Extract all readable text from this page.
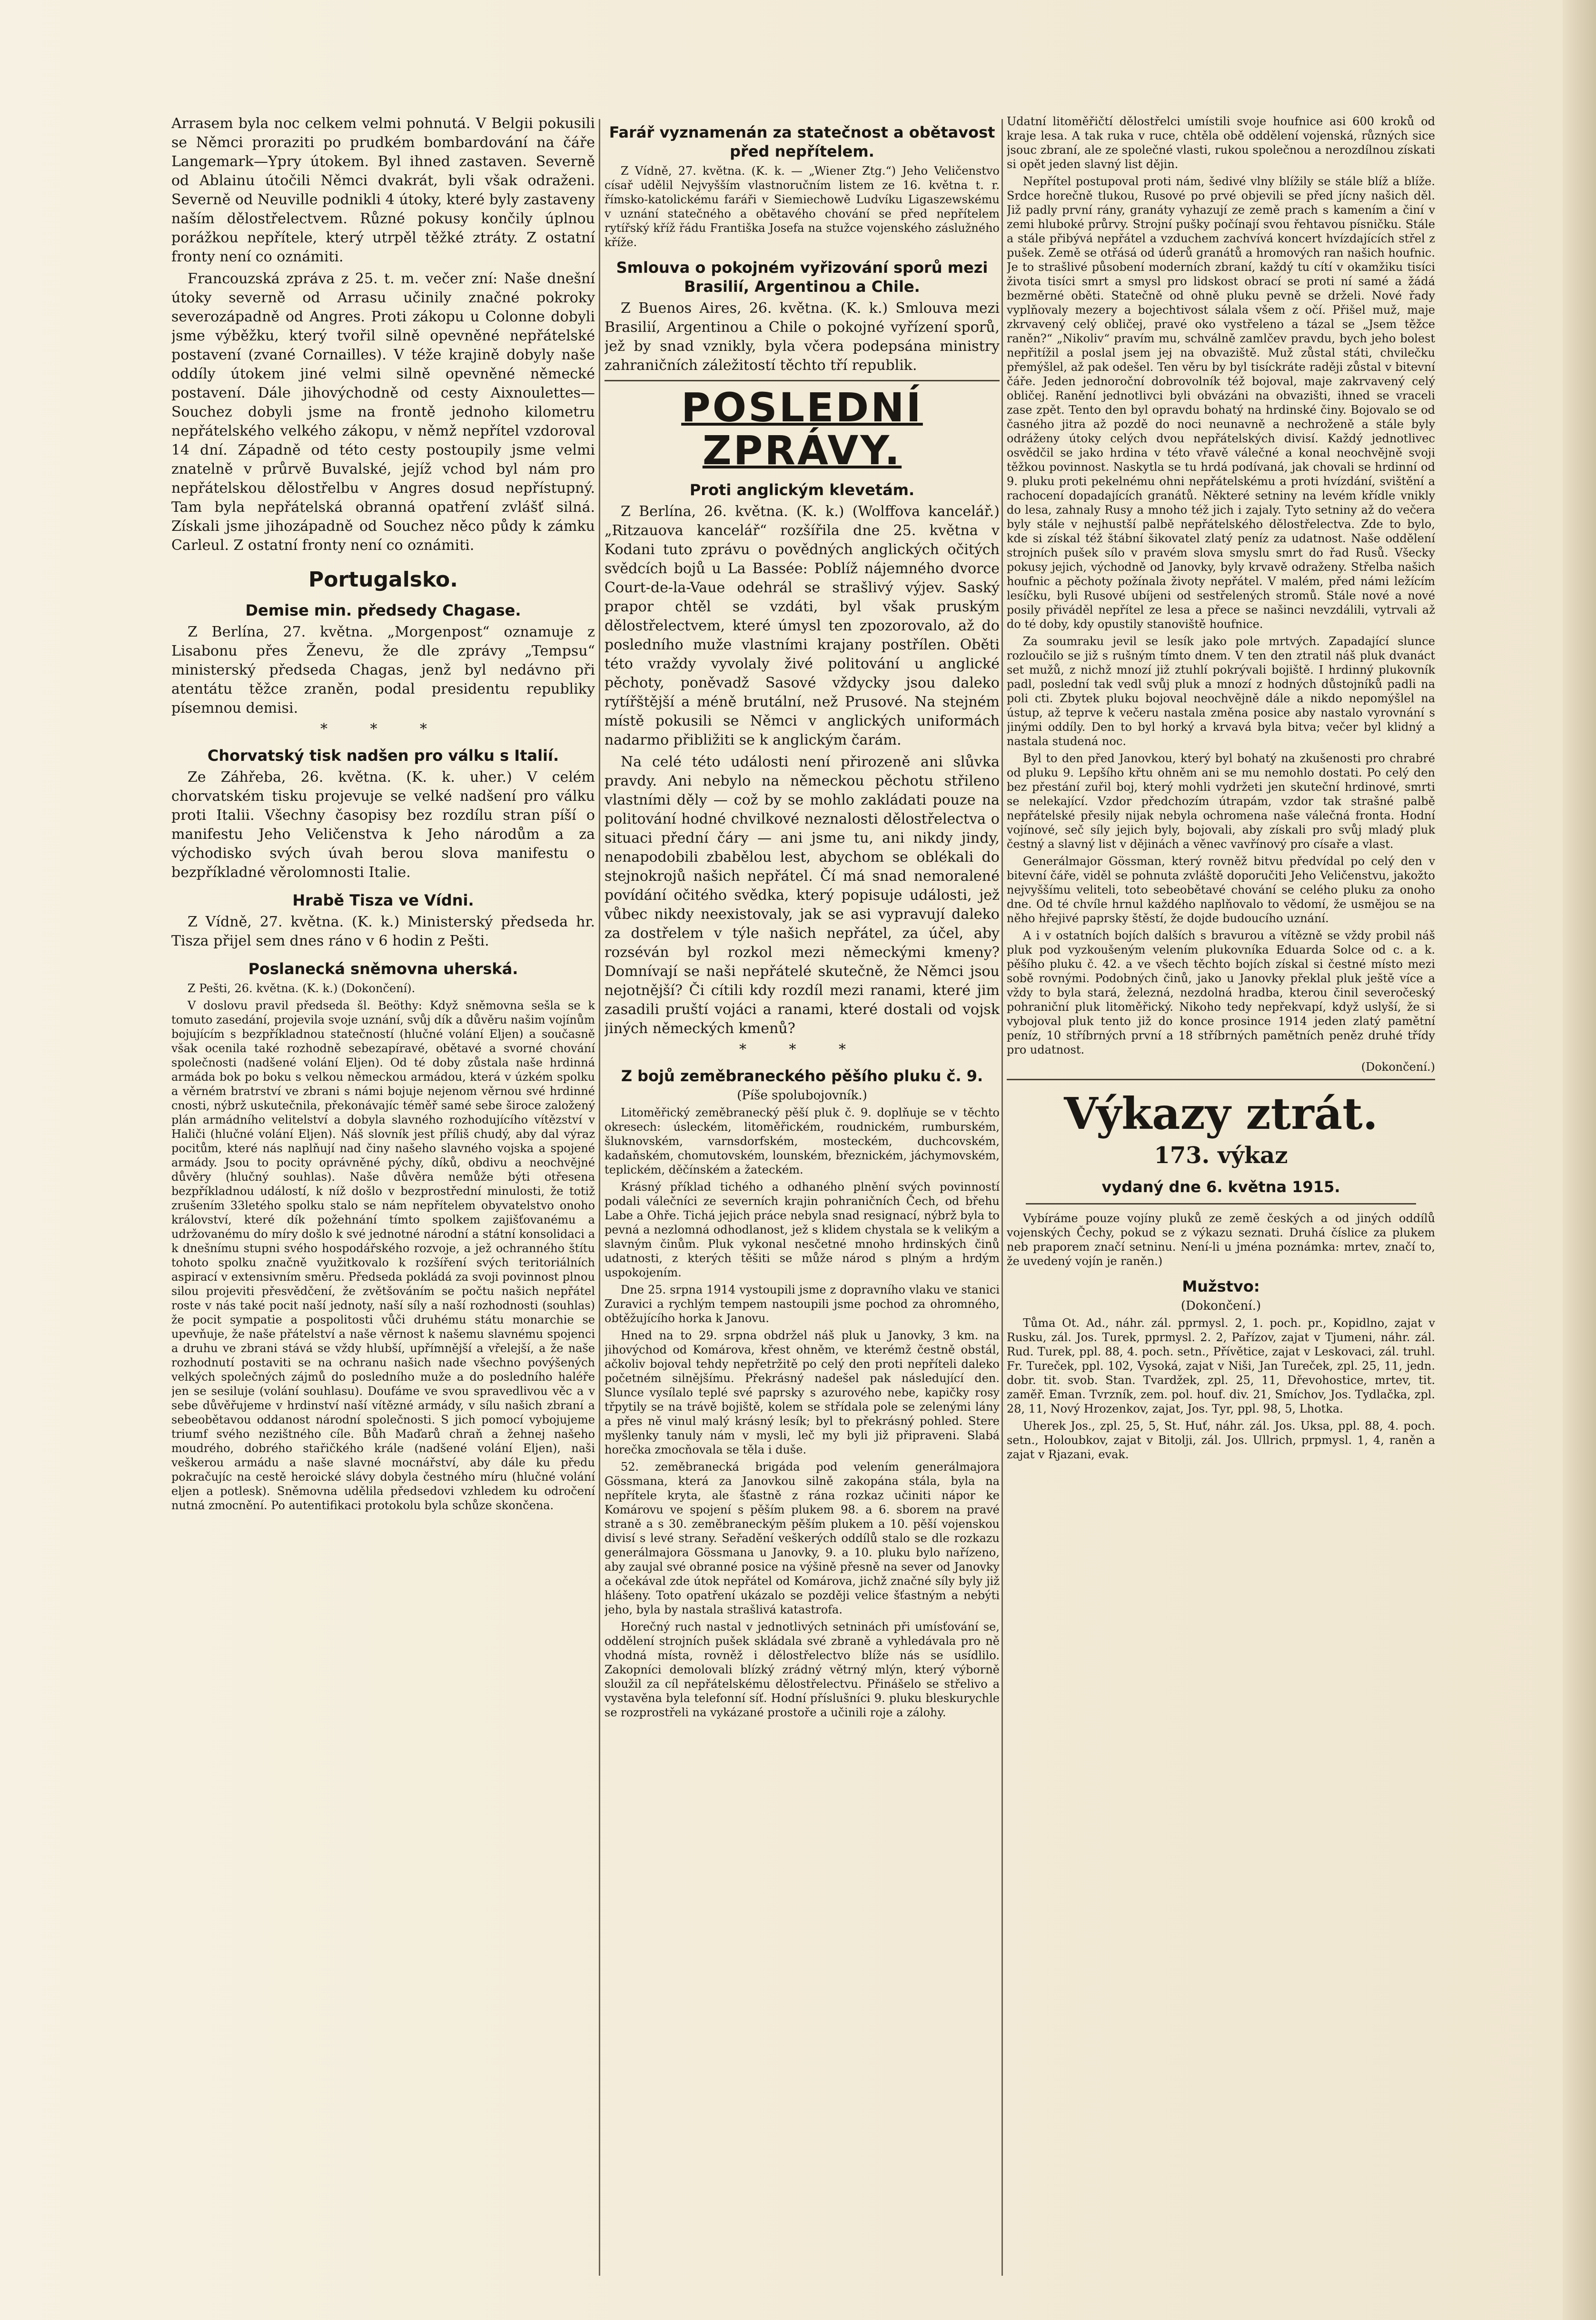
Arrasem byla noc celkem velmi pohnutá. V Belgii pokusili se Němci proraziti po prudkém bombardování na čáře Langemark—Ypry útokem. Byl ihned zastaven. Severně od Ablainu útočili Němci dvakrát, byli však odraženi. Severně od Neuville podnikli 4 útoky, které byly zastaveny naším dělostřelectvem. Různé pokusy končily úplnou porážkou nepřítele, který utrpěl těžké ztráty. Z ostatní fronty není co oznámiti.

Francouzská zpráva z 25. t. m. večer zní: Naše dnešní útoky severně od Arrasu učinily značné pokroky severozápadně od Angres. Proti zákopu u Colonne dobyli jsme výběžku, který tvořil silně opevněné nepřátelské postavení (zvané Cornailles). V téže krajině dobyly naše oddíly útokem jiné velmi silně opevněné německé postavení. Dále jihovýchodně od cesty Aixnoulettes—Souchez dobyli jsme na frontě jednoho kilometru nepřátelského velkého zákopu, v němž nepřítel vzdoroval 14 dní. Západně od této cesty postoupily jsme velmi znatelně v průrvě Buvalské, jejíž vchod byl nám pro nepřátelskou dělostřelbu v Angres dosud nepřístupný. Tam byla nepřátelská obranná opatření zvlášť silná. Získali jsme jihozápadně od Souchez něco půdy k zámku Carleul. Z ostatní fronty není co oznámiti.

Portugalsko.
Demise min. předsedy Chagase.

Z Berlína, 27. května. „Morgenpost“ oznamuje z Lisabonu přes Ženevu, že dle zprávy „Tempsu“ ministerský předseda Chagas, jenž byl nedávno při atentátu těžce zraněn, podal presidentu republiky písemnou demisi.

* * *
Chorvatský tisk nadšen pro válku s Italií.

Ze Záhřeba, 26. května. (K. k. uher.) V celém chorvatském tisku projevuje se velké nadšení pro válku proti Italii. Všechny časopisy bez rozdílu stran píší o manifestu Jeho Veličenstva k Jeho národům a za východisko svých úvah berou slova manifestu o bezpříkladné věrolomnosti Italie.

Hrabě Tisza ve Vídni.

Z Vídně, 27. května. (K. k.) Ministerský předseda hr. Tisza přijel sem dnes ráno v 6 hodin z Pešti.

Poslanecká sněmovna uherská.

Z Pešti, 26. května. (K. k.) (Dokončení).

V doslovu pravil předseda šl. Beöthy: Když sněmovna sešla se k tomuto zasedání, projevila svoje uznání, svůj dík a důvěru našim vojínům bojujícím s bezpříkladnou statečností (hlučné volání Eljen) a současně však ocenila také rozhodně sebezapíravé, obětavé a svorné chování společnosti (nadšené volání Eljen). Od té doby zůstala naše hrdinná armáda bok po boku s velkou německou armádou, která v úzkém spolku a věrném bratrství ve zbrani s námi bojuje nejenom věrnou své hrdinné cnosti, nýbrž uskutečnila, překonávajíc téměř samé sebe široce založený plán armádního velitelství a dobyla slavného rozhodujícího vítězství v Haliči (hlučné volání Eljen). Náš slovník jest příliš chudý, aby dal výraz pocitům, které nás naplňují nad činy našeho slavného vojska a spojené armády. Jsou to pocity oprávněné pýchy, díků, obdivu a neochvějné důvěry (hlučný souhlas). Naše důvěra nemůže býti otřesena bezpříkladnou událostí, k níž došlo v bezprostřední minulosti, že totiž zrušením 33letého spolku stalo se nám nepřítelem obyvatelstvo onoho království, které dík požehnání tímto spolkem zajišťovanému a udržovanému do míry došlo k své jednotné národní a státní konsolidaci a k dnešnímu stupni svého hospodářského rozvoje, a jež ochranného štítu tohoto spolku značně využitkovalo k rozšíření svých teritoriálních aspirací v extensivním směru. Předseda pokládá za svoji povinnost plnou silou projeviti přesvědčení, že zvětšováním se počtu našich nepřátel roste v nás také pocit naší jednoty, naší síly a naší rozhodnosti (souhlas) že pocit sympatie a pospolitosti vůči druhému státu monarchie se upevňuje, že naše přátelství a naše věrnost k našemu slavnému spojenci a druhu ve zbrani stává se vždy hlubší, upřímnější a vřelejší, a že naše rozhodnutí postaviti se na ochranu našich nade všechno povýšených velkých společných zájmů do posledního muže a do posledního haléře jen se sesiluje (volání souhlasu). Doufáme ve svou spravedlivou věc a v sebe důvěřujeme v hrdinství naší vítězné armády, v sílu našich zbraní a sebeobětavou oddanost národní společnosti. S jich pomocí vybojujeme triumf svého nezištného cíle. Bůh Maďarů chraň a žehnej našeho moudrého, dobrého stařičkého krále (nadšené volání Eljen), naši veškerou armádu a naše slavné mocnářství, aby dále ku předu pokračujíc na cestě heroické slávy dobyla čestného míru (hlučné volání eljen a potlesk). Sněmovna udělila předsedovi vzhledem ku odročení nutná zmocnění. Po autentifikaci protokolu byla schůze skončena.

Farář vyznamenán za statečnost a obětavost před nepřítelem.

Z Vídně, 27. května. (K. k. — „Wiener Ztg.“) Jeho Veličenstvo císař udělil Nejvyšším vlastnoručním listem ze 16. května t. r. římsko-katolickému faráři v Siemiechowě Ludvíku Ligaszewskému v uznání statečného a obětavého chování se před nepřítelem rytířský kříž řádu Františka Josefa na stužce vojenského záslužného kříže.

Smlouva o pokojném vyřizování sporů mezi Brasilií, Argentinou a Chile.

Z Buenos Aires, 26. května. (K. k.) Smlouva mezi Brasilií, Argentinou a Chile o pokojné vyřízení sporů, jež by snad vznikly, byla včera podepsána ministry zahraničních záležitostí těchto tří republik.

POSLEDNÍ ZPRÁVY.
Proti anglickým klevetám.

Z Berlína, 26. května. (K. k.) (Wolffova kancelář.) „Ritzauova kancelář“ rozšířila dne 25. května v Kodani tuto zprávu o povědných anglických očitých svědcích bojů u La Bassée: Poblíž nájemného dvorce Court-de-la-Vaue odehrál se strašlivý výjev. Saský prapor chtěl se vzdáti, byl však pruským dělostřelectvem, které úmysl ten zpozorovalo, až do posledního muže vlastními krajany postřílen. Oběti této vraždy vyvolaly živé politování u anglické pěchoty, poněvadž Sasové vždycky jsou daleko rytířštější a méně brutální, než Prusové. Na stejném místě pokusili se Němci v anglických uniformách nadarmo přibližiti se k anglickým čarám.

Na celé této události není přirozeně ani slůvka pravdy. Ani nebylo na německou pěchotu střileno vlastními děly — což by se mohlo zakládati pouze na politování hodné chvilkové neznalosti dělostřelectva o situaci přední čáry — ani jsme tu, ani nikdy jindy, nenapodobili zbabělou lest, abychom se oblékali do stejnokrojů našich nepřátel. Čí má snad nemoralené povídání očitého svědka, který popisuje události, jež vůbec nikdy neexistovaly, jak se asi vypravují daleko za dostřelem v týle našich nepřátel, za účel, aby rozséván byl rozkol mezi německými kmeny? Domnívají se naši nepřátelé skutečně, že Němci jsou nejotnější? Či cítili kdy rozdíl mezi ranami, které jim zasadili pruští vojáci a ranami, které dostali od vojsk jiných německých kmenů?

* * *
Z bojů zeměbraneckého pěšího pluku č. 9.
(Píše spolubojovník.)

Litoměřický zeměbranecký pěší pluk č. 9. doplňuje se v těchto okresech: úsleckém, litoměřickém, roudnickém, rumburském, šluknovském, varnsdorfském, mosteckém, duchcovském, kadaňském, chomutovském, lounském, březnickém, jáchymovském, teplickém, děčínském a žateckém.

Krásný příklad tichého a odhaného plnění svých povinností podali válečníci ze severních krajin pohraničních Čech, od břehu Labe a Ohře. Tichá jejich práce nebyla snad resignací, nýbrž byla to pevná a nezlomná odhodlanost, jež s klidem chystala se k velikým a slavným činům. Pluk vykonal nesčetné mnoho hrdinských činů udatnosti, z kterých těšiti se může národ s plným a hrdým uspokojením.

Dne 25. srpna 1914 vystoupili jsme z dopravního vlaku ve stanici Zuravici a rychlým tempem nastoupili jsme pochod za ohromného, obtěžujícího horka k Janovu.

Hned na to 29. srpna obdržel náš pluk u Janovky, 3 km. na jihovýchod od Komárova, křest ohněm, ve kterémž čestně obstál, ačkoliv bojoval tehdy nepřetržitě po celý den proti nepříteli daleko početném silnějšímu. Překrásný nadešel pak následující den. Slunce vysílalo teplé své paprsky s azurového nebe, kapičky rosy třpytily se na trávě bojiště, kolem se střídala pole se zelenými lány a přes ně vinul malý krásný lesík; byl to překrásný pohled. Stere myšlenky tanuly nám v mysli, leč my byli již připraveni. Slabá horečka zmocňovala se těla i duše.

52. zeměbranecká brigáda pod velením generálmajora Gössmana, která za Janovkou silně zakopána stála, byla na nepřítele kryta, ale šťastně z rána rozkaz učiniti nápor ke Komárovu ve spojení s pěším plukem 98. a 6. sborem na pravé straně a s 30. zeměbraneckým pěším plukem a 10. pěší vojenskou divisí s levé strany. Seřadění veškerých oddílů stalo se dle rozkazu generálmajora Gössmana u Janovky, 9. a 10. pluku bylo nařízeno, aby zaujal své obranné posice na výšině přesně na sever od Janovky a očekával zde útok nepřátel od Komárova, jichž značné síly byly již hlášeny. Toto opatření ukázalo se později velice šťastným a nebýti jeho, byla by nastala strašlivá katastrofa.

Horečný ruch nastal v jednotlivých setninách při umísťování se, oddělení strojních pušek skládala své zbraně a vyhledávala pro ně vhodná místa, rovněž i dělostřelectvo blíže nás se usídlilo. Zakopníci demolovali blízký zrádný větrný mlýn, který výborně sloužil za cíl nepřátelskému dělostřelectvu. Přinášelo se střelivo a vystavěna byla telefonní síť. Hodní příslušníci 9. pluku bleskurychle se rozprostřeli na vykázané prostoře a učinili roje a zálohy.

Udatní litoměřičtí dělostřelci umístili svoje houfnice asi 600 kroků od kraje lesa. A tak ruka v ruce, chtěla obě oddělení vojenská, různých sice jsouc zbraní, ale ze společné vlasti, rukou společnou a nerozdílnou získati si opět jeden slavný list dějin.

Nepřítel postupoval proti nám, šedivé vlny blížily se stále blíž a blíže. Srdce horečně tlukou, Rusové po prvé objevili se před jícny našich děl. Již padly první rány, granáty vyhazují ze země prach s kamením a činí v zemi hluboké průrvy. Strojní pušky počínají svou řehtavou písničku. Stále a stále přibývá nepřátel a vzduchem zachvívá koncert hvízdajících střel z pušek. Země se otřásá od úderů granátů a hromových ran našich houfnic. Je to strašlivé působení moderních zbraní, každý tu cítí v okamžiku tisíci života tisíci smrt a smysl pro lidskost obrací se proti ní samé a žádá bezměrné oběti. Statečně od ohně pluku pevně se drželi. Nové řady vyplňovaly mezery a bojechtivost sálala všem z očí. Přišel muž, maje zkrvavený celý obličej, pravé oko vystřeleno a tázal se „Jsem těžce raněn?“ „Nikoliv“ pravím mu, schválně zamlčev pravdu, bych jeho bolest nepřitížil a poslal jsem jej na obvaziště. Muž zůstal státi, chvilečku přemýšlel, až pak odešel. Ten věru by byl tisíckráte raději zůstal v bitevní čáře. Jeden jednoroční dobrovolník též bojoval, maje zakrvavený celý obličej. Ranění jednotlivci byli obvázáni na obvazišti, ihned se vraceli zase zpět. Tento den byl opravdu bohatý na hrdinské činy. Bojovalo se od časného jitra až pozdě do noci neunavně a nechroženě a stále byly odráženy útoky celých dvou nepřátelských divisí. Každý jednotlivec osvědčil se jako hrdina v této vřavě válečné a konal neochvějně svoji těžkou povinnost. Naskytla se tu hrdá podívaná, jak chovali se hrdinní od 9. pluku proti pekelnému ohni nepřátelskému a proti hvízdání, svištění a rachocení dopadajících granátů. Některé setniny na levém křídle vnikly do lesa, zahnaly Rusy a mnoho též jich i zajaly. Tyto setniny až do večera byly stále v nejhustší palbě nepřátelského dělostřelectva. Zde to bylo, kde si získal též štábní šikovatel zlatý peníz za udatnost. Naše oddělení strojních pušek sílo v pravém slova smyslu smrt do řad Rusů. Všecky pokusy jejich, východně od Janovky, byly krvavě odraženy. Střelba našich houfnic a pěchoty požínala životy nepřátel. V malém, před námi ležícím lesíčku, byli Rusové ubíjeni od sestřelených stromů. Stále nové a nové posily přiváděl nepřítel ze lesa a přece se našinci nevzdálili, vytrvali až do té doby, kdy opustily stanoviště houfnice.

Za soumraku jevil se lesík jako pole mrtvých. Zapadající slunce rozloučilo se již s rušným tímto dnem. V ten den ztratil náš pluk dvanáct set mužů, z nichž mnozí již ztuhlí pokrývali bojiště. I hrdinný plukovník padl, poslední tak vedl svůj pluk a mnozí z hodných důstojníků padli na poli cti. Zbytek pluku bojoval neochvějně dále a nikdo nepomýšlel na ústup, až teprve k večeru nastala změna posice aby nastalo vyrovnání s jinými oddíly. Den to byl horký a krvavá byla bitva; večer byl klidný a nastala studená noc.

Byl to den před Janovkou, který byl bohatý na zkušenosti pro chrabré od pluku 9. Lepšího křtu ohněm ani se mu nemohlo dostati. Po celý den bez přestání zuřil boj, který mohli vydržeti jen skuteční hrdinové, smrti se nelekající. Vzdor předchozím útrapám, vzdor tak strašné palbě nepřátelské přesily nijak nebyla ochromena naše válečná fronta. Hodní vojínové, seč síly jejich byly, bojovali, aby získali pro svůj mladý pluk čestný a slavný list v dějinách a věnec vavřínový pro císaře a vlast.

Generálmajor Gössman, který rovněž bitvu předvídal po celý den v bitevní čáře, viděl se pohnuta zvláště doporučiti Jeho Veličenstvu, jakožto nejvyššímu veliteli, toto sebeobětavé chování se celého pluku za onoho dne. Od té chvíle hrnul každého naplňovalo to vědomí, že usmějou se na něho hřejivé paprsky štěstí, že dojde budoucího uznání.

A i v ostatních bojích dalších s bravurou a vítězně se vždy probil náš pluk pod vyzkoušeným velením plukovníka Eduarda Solce od c. a k. pěšího pluku č. 42. a ve všech těchto bojích získal si čestné místo mezi sobě rovnými. Podobných činů, jako u Janovky překlal pluk ještě více a vždy to byla stará, železná, nezdolná hradba, kterou činil severočeský pohraniční pluk litoměřický. Nikoho tedy nepřekvapí, když uslyší, že si vybojoval pluk tento již do konce prosince 1914 jeden zlatý pamětní peníz, 10 stříbrných první a 18 stříbrných pamětních peněz druhé třídy pro udatnost.

(Dokončení.)

Výkazy ztrát.
173. výkaz
vydaný dne 6. května 1915.

Vybíráme pouze vojíny pluků ze země českých a od jiných oddílů vojenských Čechy, pokud se z výkazu seznati. Druhá číslice za plukem neb praporem značí setninu. Není-li u jména poznámka: mrtev, značí to, že uvedený vojín je raněn.)

Mužstvo:
(Dokončení.)

Tůma Ot. Ad., náhr. zál. pprmysl. 2, 1. poch. pr., Kopidlno, zajat v Rusku, zál. Jos. Turek, pprmysl. 2. 2, Pařízov, zajat v Tjumeni, náhr. zál. Rud. Turek, ppl. 88, 4. poch. setn., Přívětice, zajat v Leskovaci, zál. truhl. Fr. Tureček, ppl. 102, Vysoká, zajat v Niši, Jan Tureček, zpl. 25, 11, jedn. dobr. tit. svob. Stan. Tvardžek, zpl. 25, 11, Dřevohostice, mrtev, tit. zaměř. Eman. Tvrzník, zem. pol. houf. div. 21, Smíchov, Jos. Tydlačka, zpl. 28, 11, Nový Hrozenkov, zajat, Jos. Tyr, ppl. 98, 5, Lhotka.

Uherek Jos., zpl. 25, 5, St. Huť, náhr. zál. Jos. Uksa, ppl. 88, 4. poch. setn., Holoubkov, zajat v Bitolji, zál. Jos. Ullrich, prpmysl. 1, 4, raněn a zajat v Rjazani, evak.
